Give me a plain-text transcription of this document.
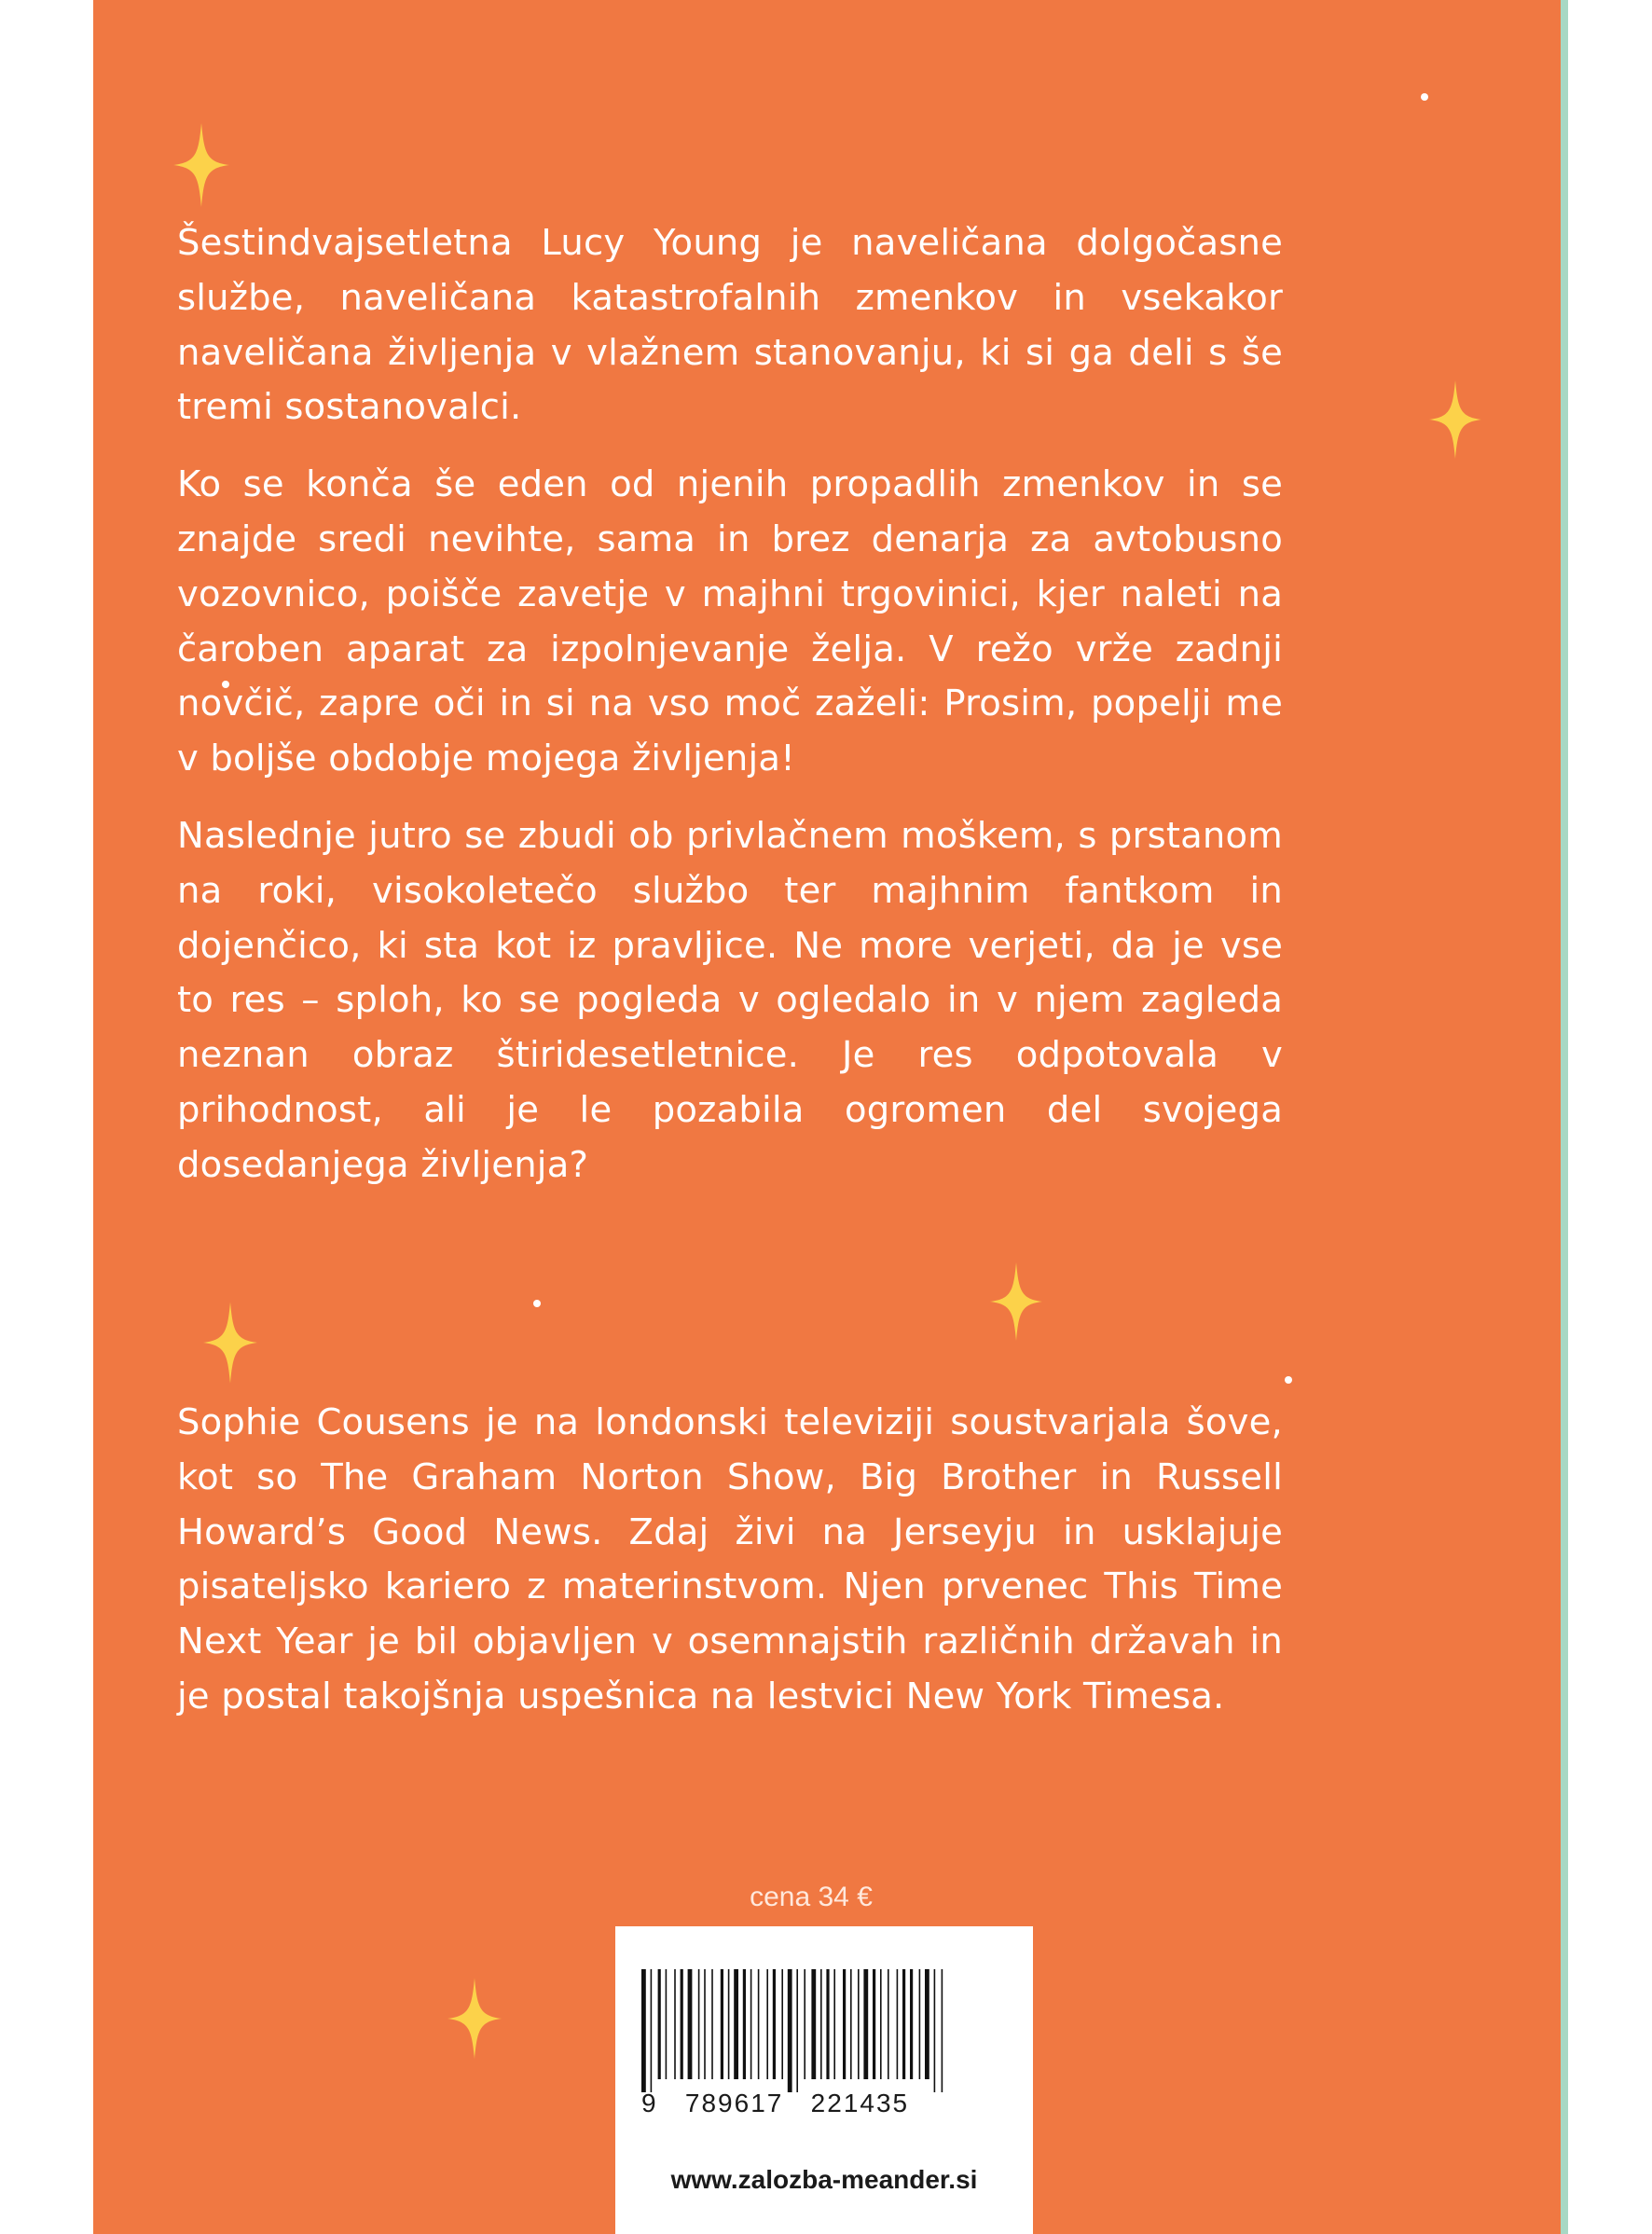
Šestindvajsetletna Lucy Young je naveličana dolgočasne službe, naveličana katastrofalnih zmenkov in vsekakor naveličana življenja v vlažnem stanovanju, ki si ga deli s še tremi sostanovalci.

Ko se konča še eden od njenih propadlih zmenkov in se znajde sredi nevihte, sama in brez denarja za avtobusno vozovnico, poišče zavetje v majhni trgovinici, kjer naleti na čaroben aparat za izpolnjevanje želja. V režo vrže zadnji novčič, zapre oči in si na vso moč zaželi: Prosim, popelji me v boljše obdobje mojega življenja!

Naslednje jutro se zbudi ob privlačnem moškem, s prstanom na roki, visokoletečo službo ter majhnim fantkom in dojenčico, ki sta kot iz pravljice. Ne more verjeti, da je vse to res – sploh, ko se pogleda v ogledalo in v njem zagleda neznan obraz štiridesetletnice. Je res odpotovala v prihodnost, ali je le pozabila ogromen del svojega dosedanjega življenja?

Sophie Cousens je na londonski televiziji soustvarjala šove, kot so The Graham Norton Show, Big Brother in Russell Howard’s Good News. Zdaj živi na Jerseyju in usklajuje pisateljsko kariero z materinstvom. Njen prvenec This Time Next Year je bil objavljen v osemnajstih različnih državah in je postal takojšnja uspešnica na lestvici New York Timesa.
cena 34 €
9   789617   221435
www.zalozba-meander.si
